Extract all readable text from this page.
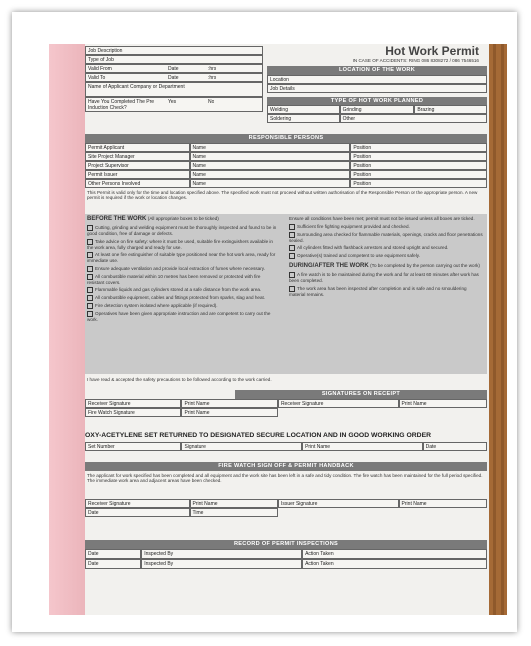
Job Description
Type of Job
Valid From	Date	:hrs
Valid To	Date	:hrs
Name of Applicant Company or Department
Have You Completed The Pre Induction Check?
Yes	No
Hot Work Permit
IN CASE OF ACCIDENTS: RING 086 8308272 / 086 7546516
LOCATION OF THE WORK
Location
Job Details
TYPE OF HOT WORK PLANNED
Welding	Grinding	Brazing
Soldering	Other
RESPONSIBLE PERSONS
Permit Applicant	Name	Position
Site Project Manager	Name	Position
Project Supervisor	Name	Position
Permit Issuer	Name	Position
Other Persons Involved	Name	Position
This Permit is valid only for the time and location specified above. The specified work must not proceed without written authorisation of the Responsible Person or the appropriate person. A new permit is required if the work or location changes.
BEFORE THE WORK (All appropriate boxes to be ticked)
Cutting, grinding and welding equipment must be thoroughly inspected and found to be in good condition, free of damage or defects.
Take advice on fire safety: where it must be used, suitable fire extinguishers available in the work area, fully charged and ready for use.
At least one fire extinguisher of suitable type positioned near the hot work area, ready for immediate use.
Ensure adequate ventilation and provide local extraction of fumes where necessary.
All combustible material within 10 metres has been removed or protected with fire resistant covers.
Flammable liquids and gas cylinders stored at a safe distance from the work area.
All combustible equipment, cables and fittings protected from sparks, slag and heat.
Fire detection system isolated where applicable (if required).
Operatives have been given appropriate instruction and are competent to carry out the work.
Ensure all conditions have been met; permit must not be issued unless all boxes are ticked.
Sufficient fire fighting equipment provided and checked.
Surrounding area checked for flammable materials, openings, cracks and floor penetrations sealed.
All cylinders fitted with flashback arrestors and stored upright and secured.
Operative(s) trained and competent to use equipment safely.
DURING/AFTER THE WORK (To be completed by the person carrying out the work)
A fire watch is to be maintained during the work and for at least 60 minutes after work has been completed.
The work area has been inspected after completion and is safe and no smouldering material remains.
I have read & accepted the safety precautions to be followed according to the work carried.
SIGNATURES ON RECEIPT
Receiver Signature	Print Name	Receiver Signature	Print Name
Fire Watch Signature	Print Name
OXY-ACETYLENE SET RETURNED TO DESIGNATED SECURE LOCATION AND IN GOOD WORKING ORDER
Set Number	Signature	Print Name	Date
FIRE WATCH SIGN OFF & PERMIT HANDBACK
The applicant for work specified has been completed and all equipment and the work site has been left in a safe and tidy condition. The fire watch has been maintained for the full period specified. The immediate work area and adjacent areas have been checked.
Receiver Signature	Print Name	Issuer Signature	Print Name
Date	Time
RECORD OF PERMIT INSPECTIONS
Date	Inspected By	Action Taken
Date	Inspected By	Action Taken
